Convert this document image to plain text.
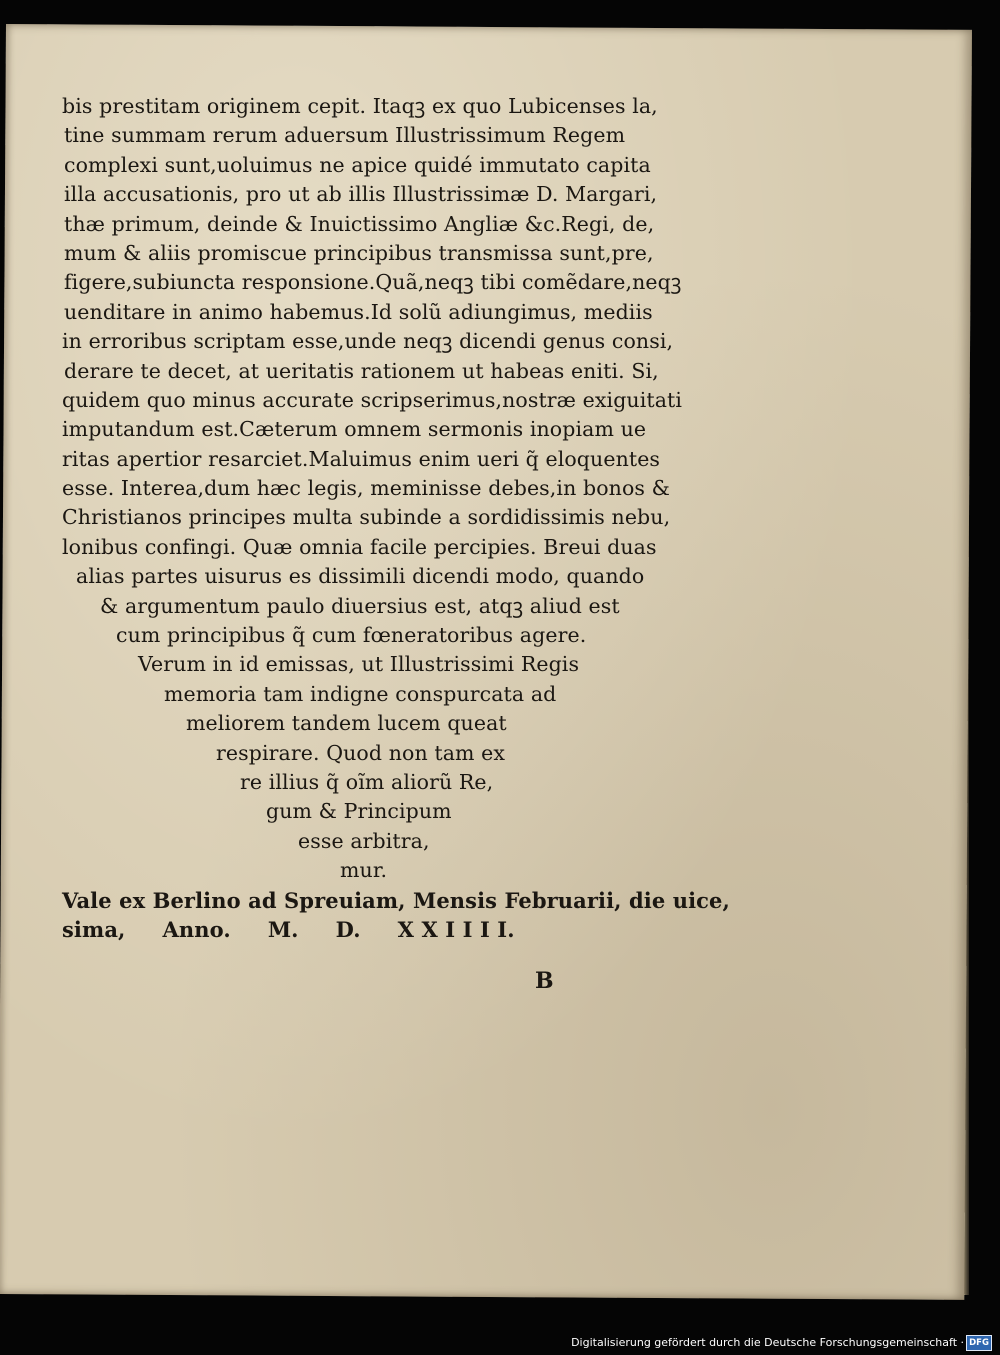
bis prestitam originem cepit. Itaqꝫ ex quo Lubicenses la,
tine summam rerum aduersum Illustrissimum Regem
complexi sunt,uoluimus ne apice quidé immutato capita
illa accusationis, pro ut ab illis Illustrissimæ D. Margari,
thæ primum, deinde & Inuictissimo Angliæ &c.Regi, de,
mum & aliis promiscue principibus transmissa sunt,pre,
figere,subiuncta responsione.Quã,neqꝫ tibi comẽdare,neqꝫ
uenditare in animo habemus.Id solũ adiungimus, mediis
in erroribus scriptam esse,unde neqꝫ dicendi genus consi,
derare te decet, at ueritatis rationem ut habeas eniti. Si,
quidem quo minus accurate scripserimus,nostræ exiguitati
imputandum est.Cæterum omnem sermonis inopiam ue
ritas apertior resarciet.Maluimus enim ueri q̃ eloquentes
esse. Interea,dum hæc legis, meminisse debes,in bonos &
Christianos principes multa subinde a sordidissimis nebu,
lonibus confingi. Quæ omnia facile percipies. Breui duas
alias partes uisurus es dissimili dicendi modo, quando
& argumentum paulo diuersius est, atqꝫ aliud est
cum principibus q̃ cum fœneratoribus agere.
Verum in id emissas, ut Illustrissimi Regis
memoria tam indigne conspurcata ad
meliorem tandem lucem queat
respirare. Quod non tam ex
re illius q̃ oĩm aliorũ Re,
gum & Principum
esse arbitra,
mur.
Vale ex Berlino ad Spreuiam, Mensis Februarii, die uice,
sima,     Anno.     M.     D.     X X I I I I.
B
Digitalisierung gefördert durch die Deutsche Forschungsgemeinschaft · DFG
